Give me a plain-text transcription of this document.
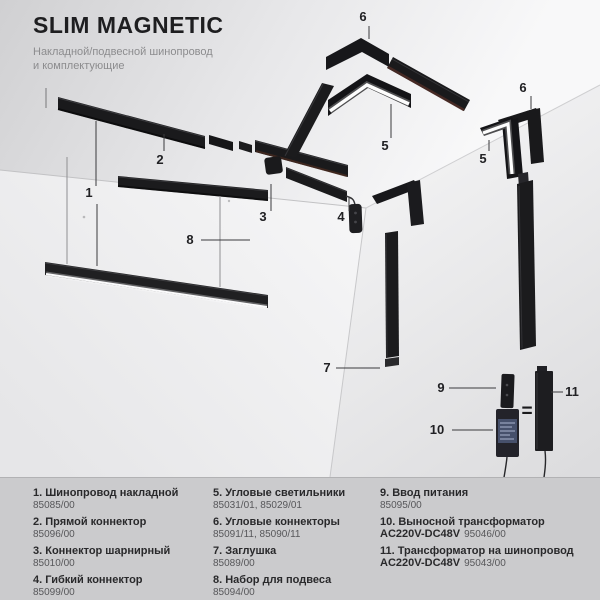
SLIM MAGNETIC
Накладной/подвесной шинопровод
и комплектующие
=
1
2
3	4
5
5
6
6
7
8
9
10
11
1. Шинопровод накладной
85085/00
2. Прямой коннектор
85096/00
3. Коннектор шарнирный
85010/00
4. Гибкий коннектор
85099/00
5. Угловые светильники
85031/01, 85029/01
6. Угловые коннекторы
85091/11, 85090/11
7. Заглушка
85089/00
8. Набор для подвеса
85094/00
9. Ввод питания
85095/00
10. Выносной трансформатор
AC220V-DC48V 95046/00
11. Трансформатор на шинопровод
AC220V-DC48V 95043/00
